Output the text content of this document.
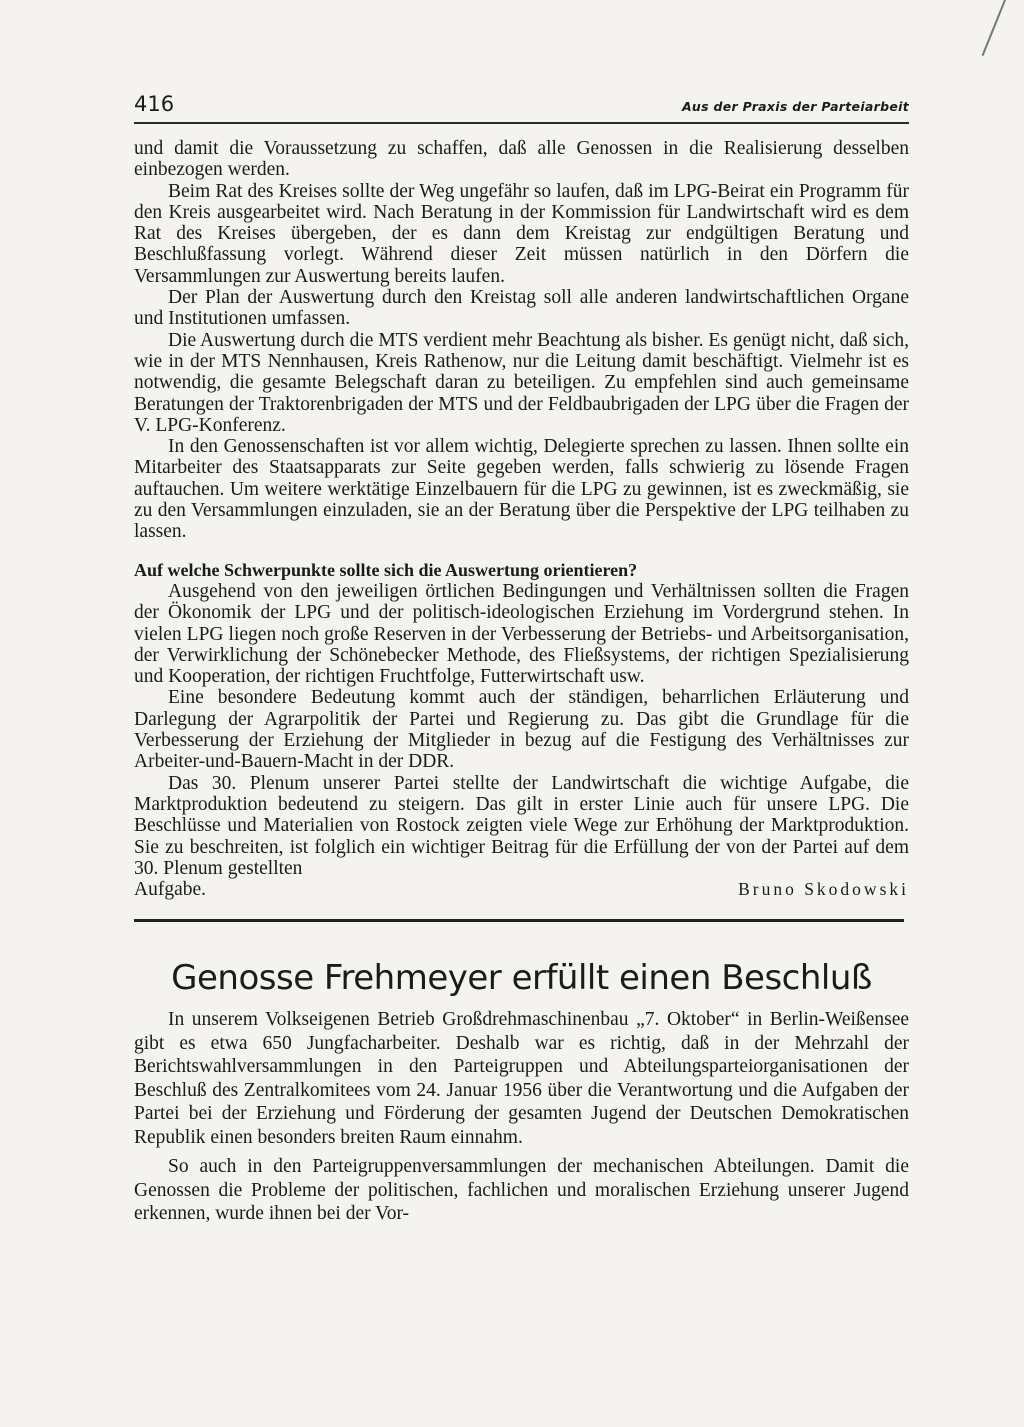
416	Aus der Praxis der Parteiarbeit

und damit die Voraussetzung zu schaffen, daß alle Genossen in die Realisierung desselben einbezogen werden.

Beim Rat des Kreises sollte der Weg ungefähr so laufen, daß im LPG-Beirat ein Programm für den Kreis ausgearbeitet wird. Nach Beratung in der Kommission für Landwirtschaft wird es dem Rat des Kreises übergeben, der es dann dem Kreistag zur endgültigen Beratung und Beschlußfassung vorlegt. Während dieser Zeit müssen natürlich in den Dörfern die Versammlungen zur Auswertung bereits laufen.

Der Plan der Auswertung durch den Kreistag soll alle anderen landwirtschaftlichen Organe und Institutionen umfassen.

Die Auswertung durch die MTS verdient mehr Beachtung als bisher. Es genügt nicht, daß sich, wie in der MTS Nennhausen, Kreis Rathenow, nur die Leitung damit beschäftigt. Vielmehr ist es notwendig, die gesamte Belegschaft daran zu beteiligen. Zu empfehlen sind auch gemeinsame Beratungen der Traktorenbrigaden der MTS und der Feldbaubrigaden der LPG über die Fragen der V. LPG-Konferenz.

In den Genossenschaften ist vor allem wichtig, Delegierte sprechen zu lassen. Ihnen sollte ein Mitarbeiter des Staatsapparats zur Seite gegeben werden, falls schwierig zu lösende Fragen auftauchen. Um weitere werktätige Einzelbauern für die LPG zu gewinnen, ist es zweckmäßig, sie zu den Versammlungen einzuladen, sie an der Beratung über die Perspektive der LPG teilhaben zu lassen.

Auf welche Schwerpunkte sollte sich die Auswertung orientieren?

Ausgehend von den jeweiligen örtlichen Bedingungen und Verhältnissen sollten die Fragen der Ökonomik der LPG und der politisch-ideologischen Erziehung im Vordergrund stehen. In vielen LPG liegen noch große Reserven in der Verbesserung der Betriebs- und Arbeitsorganisation, der Verwirklichung der Schönebecker Methode, des Fließsystems, der richtigen Spezialisierung und Kooperation, der richtigen Fruchtfolge, Futterwirtschaft usw.

Eine besondere Bedeutung kommt auch der ständigen, beharrlichen Erläuterung und Darlegung der Agrarpolitik der Partei und Regierung zu. Das gibt die Grundlage für die Verbesserung der Erziehung der Mitglieder in bezug auf die Festigung des Verhältnisses zur Arbeiter-und-Bauern-Macht in der DDR.

Das 30. Plenum unserer Partei stellte der Landwirtschaft die wichtige Aufgabe, die Marktproduktion bedeutend zu steigern. Das gilt in erster Linie auch für unsere LPG. Die Beschlüsse und Materialien von Rostock zeigten viele Wege zur Erhöhung der Marktproduktion. Sie zu beschreiten, ist folglich ein wichtiger Beitrag für die Erfüllung der von der Partei auf dem 30. Plenum gestellten

Aufgabe.	Bruno Skodowski
Genosse Frehmeyer erfüllt einen Beschluß

In unserem Volkseigenen Betrieb Großdrehmaschinenbau „7. Oktober“ in Berlin-Weißensee gibt es etwa 650 Jungfacharbeiter. Deshalb war es richtig, daß in der Mehrzahl der Berichtswahlversammlungen in den Parteigruppen und Abteilungsparteiorganisationen der Beschluß des Zentralkomitees vom 24. Januar 1956 über die Verantwortung und die Aufgaben der Partei bei der Erziehung und Förderung der gesamten Jugend der Deutschen Demokratischen Republik einen besonders breiten Raum einnahm.

So auch in den Parteigruppenversammlungen der mechanischen Abteilungen. Damit die Genossen die Probleme der politischen, fachlichen und moralischen Erziehung unserer Jugend erkennen, wurde ihnen bei der Vor-
